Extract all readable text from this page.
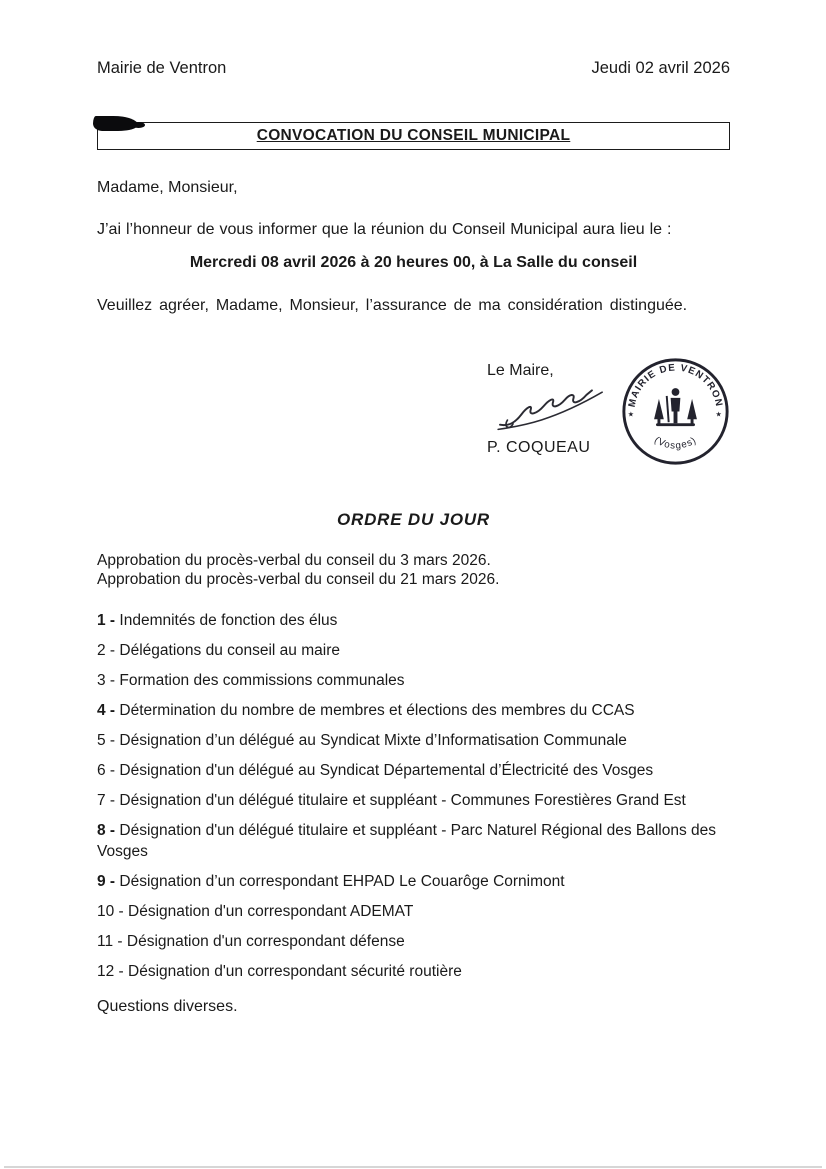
Mairie de Ventron	Jeudi 02 avril 2026
CONVOCATION DU CONSEIL MUNICIPAL

Madame, Monsieur,

J’ai l’honneur de vous informer que la réunion du Conseil Municipal aura lieu le :

Mercredi 08 avril 2026 à 20 heures 00, à La Salle du conseil

Veuillez agréer, Madame, Monsieur, l’assurance de ma considération distinguée.

Le Maire,
P. COQUEAU
MAIRIE DE VENTRON
(Vosges)
★	★
ORDRE DU JOUR

Approbation du procès-verbal du conseil du 3 mars 2026.

Approbation du procès-verbal du conseil du 21 mars 2026.

1 - Indemnités de fonction des élus

2 - Délégations du conseil au maire

3 - Formation des commissions communales

4 - Détermination du nombre de membres et élections des membres du CCAS

5 - Désignation d’un délégué au Syndicat Mixte d’Informatisation Communale

6 - Désignation d'un délégué au Syndicat Départemental d’Électricité des Vosges

7 - Désignation d'un délégué titulaire et suppléant - Communes Forestières Grand Est

8 - Désignation d'un délégué titulaire et suppléant - Parc Naturel Régional des Ballons des Vosges

9 - Désignation d’un correspondant EHPAD Le Couarôge Cornimont

10 - Désignation d'un correspondant ADEMAT

11 - Désignation d'un correspondant défense

12 - Désignation d'un correspondant sécurité routière

Questions diverses.
